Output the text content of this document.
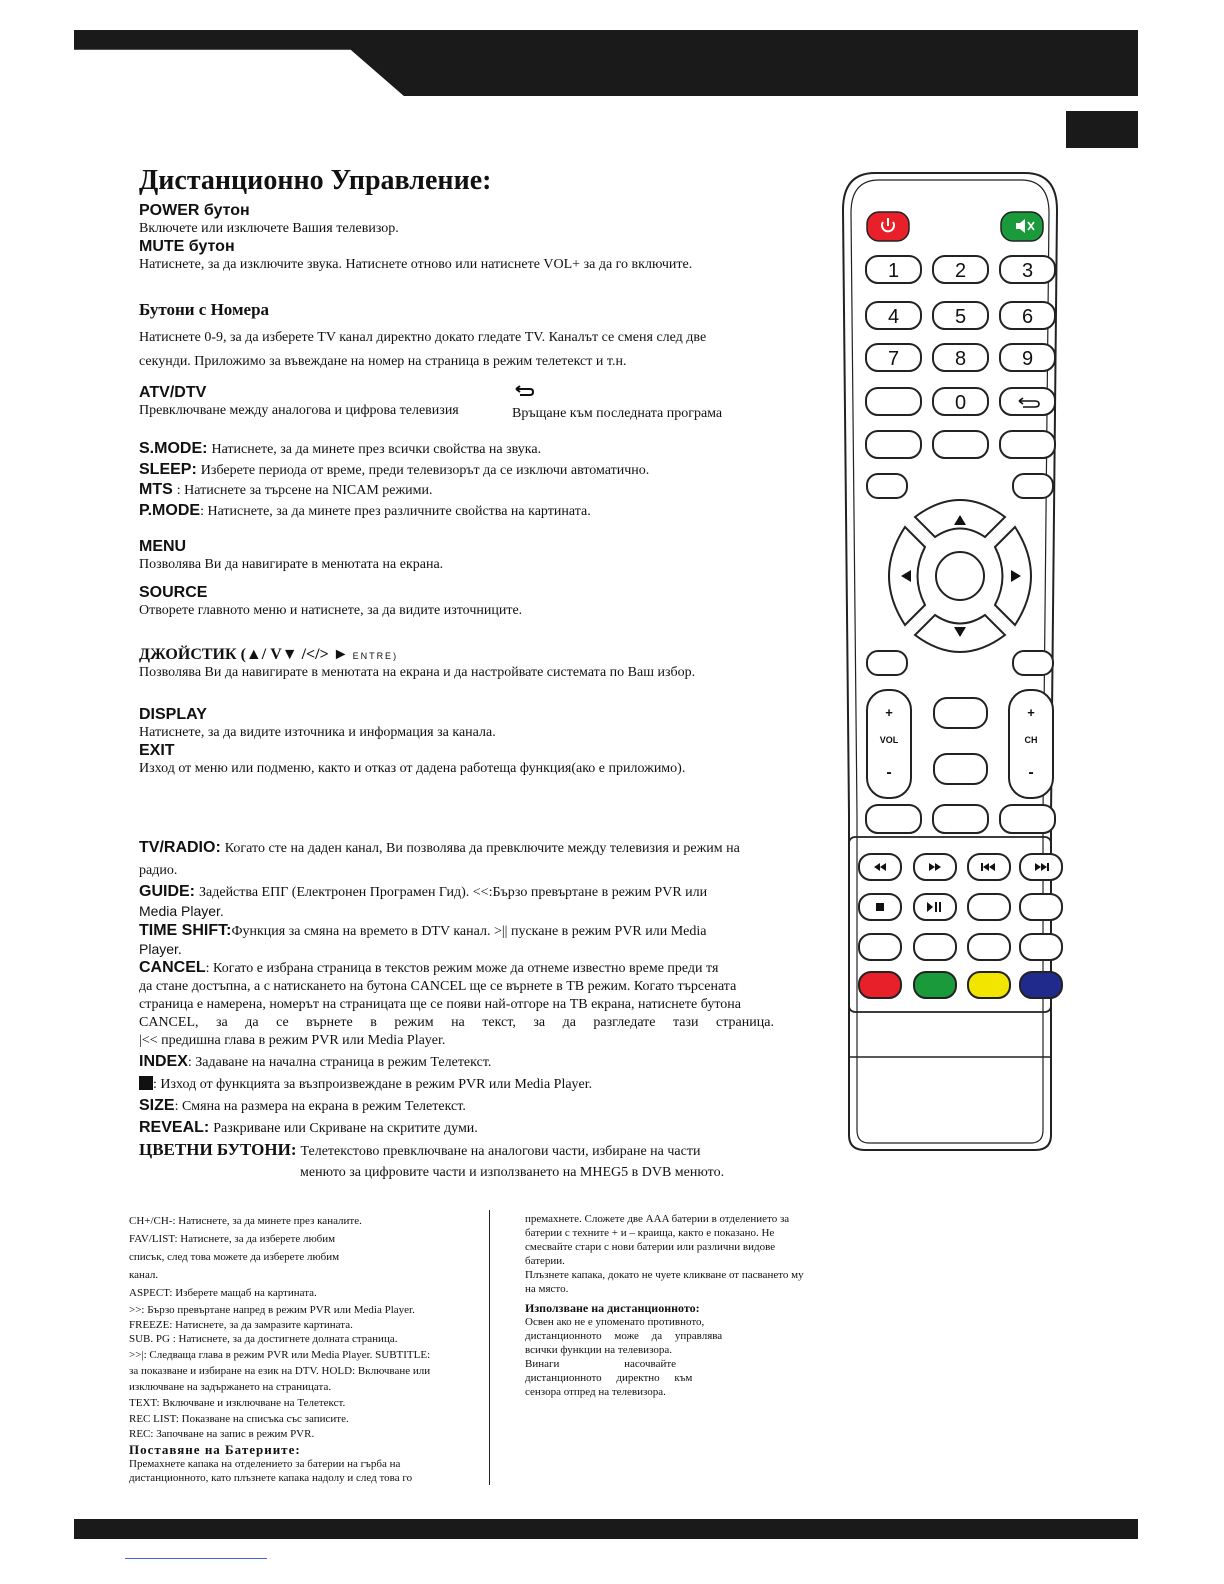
Дистанционно Управление:
POWER бутон
Включете или изключете Вашия телевизор.
MUTE бутон
Натиснете, за да изключите звука. Натиснете отново или натиснете VOL+ за да го включите.
Бутони с Номера
Натиснете 0-9, за да изберете TV канал директно докато гледате TV. Каналът се сменя след две
секунди. Приложимо за въвеждане на номер на страница в режим телетекст и т.н.
ATV/DTV
Превключване между аналогова и цифрова телевизия	Връщане към последната програма
S.MODE: Натиснете, за да минете през всички свойства на звука.
SLEEP: Изберете периода от време, преди телевизорът да се изключи автоматично.
MTS : Натиснете за търсене на NICAM режими.
P.MODE: Натиснете, за да минете през различните свойства на картината.
MENU
Позволява Ви да навигирате в менютата на екрана.
SOURCE
Отворете главното меню и натиснете, за да видите източниците.
ДЖОЙСТИК (▲/ V▼ /</> ► ENTRE)
Позволява Ви да навигирате в менютата на екрана и да настройвате системата по Ваш избор.
DISPLAY
Натиснете, за да видите източника и информация за канала.
EXIT
Изход от меню или подменю, както и отказ от дадена работеща функция(ако е приложимо).
TV/RADIO: Когато сте на даден канал, Ви позволява да превключите между телевизия и режим на
радио.
GUIDE: Задейства ЕПГ (Електронен Програмен Гид). <<:Бързо превъртане в режим PVR или
Media Player.
TIME SHIFT:Функция за смяна на времето в DTV канал. >|| пускане в режим PVR или Media
Player.
CANCEL: Когато е избрана страница в текстов режим може да отнеме известно време преди тя
да стане достъпна, а с натискането на бутона CANCEL ще се върнете в ТВ режим. Когато търсената
страница е намерена, номерът на страницата ще се появи най-отгоре на ТВ екрана, натиснете бутона
CANCEL, за да се върнете в режим на текст, за да разгледате тази страница.
|<< предишна глава в режим PVR или Media Player.
INDEX: Задаване на начална страница в режим Телетекст.
: Изход от функцията за възпроизвеждане в режим PVR или Media Player.
SIZE: Смяна на размера на екрана в режим Телетекст.
REVEAL: Разкриване или Скриване на скритите думи.
ЦВЕТНИ БУТОНИ: Телетекстово превключване на аналогови части, избиране на части
менюто за цифровите части и използването на MHEG5 в DVB менюто.
CH+/CH-: Натиснете, за да минете през каналите.
FAV/LIST: Натиснете, за да изберете любим
списък, след това можете да изберете любим
канал.
ASPECT: Изберете мащаб на картината.
>>: Бързо превъртане напред в режим PVR или Media Player.
FREEZE: Натиснете, за да замразите картината.
SUB. PG : Натиснете, за да достигнете долната страница.
>>|: Следваща глава в режим PVR или Media Player. SUBTITLE:
за показване и избиране на език на DTV. HOLD: Включване или
изключване на задържането на страницата.
TEXT: Включване и изключване на Телетекст.
REC LIST: Показване на списъка със записите.
REC: Започване на запис в режим PVR.
Поставяне на Батериите:
Премахнете капака на отделението за батерии на гърба на
дистанционното, като плъзнете капака надолу и след това го
премахнете. Сложете две AAA батерии в отделението за
батерии с техните + и – краища, както е показано. Не
смесвайте стари с нови батерии или различни видове
батерии.
Плъзнете капака, докато не чуете кликване от пасването му
на място.
Използване на дистанционното:
Освен ако не е упоменато противното,
дистанционното може да управлява
всички функции на телевизора.
Винаги насочвайте
дистанционното директно към
сензора отпред на телевизора.
1	2	3
4	5	6
7	8	9
0
+
VOL
-
+
CH
-
